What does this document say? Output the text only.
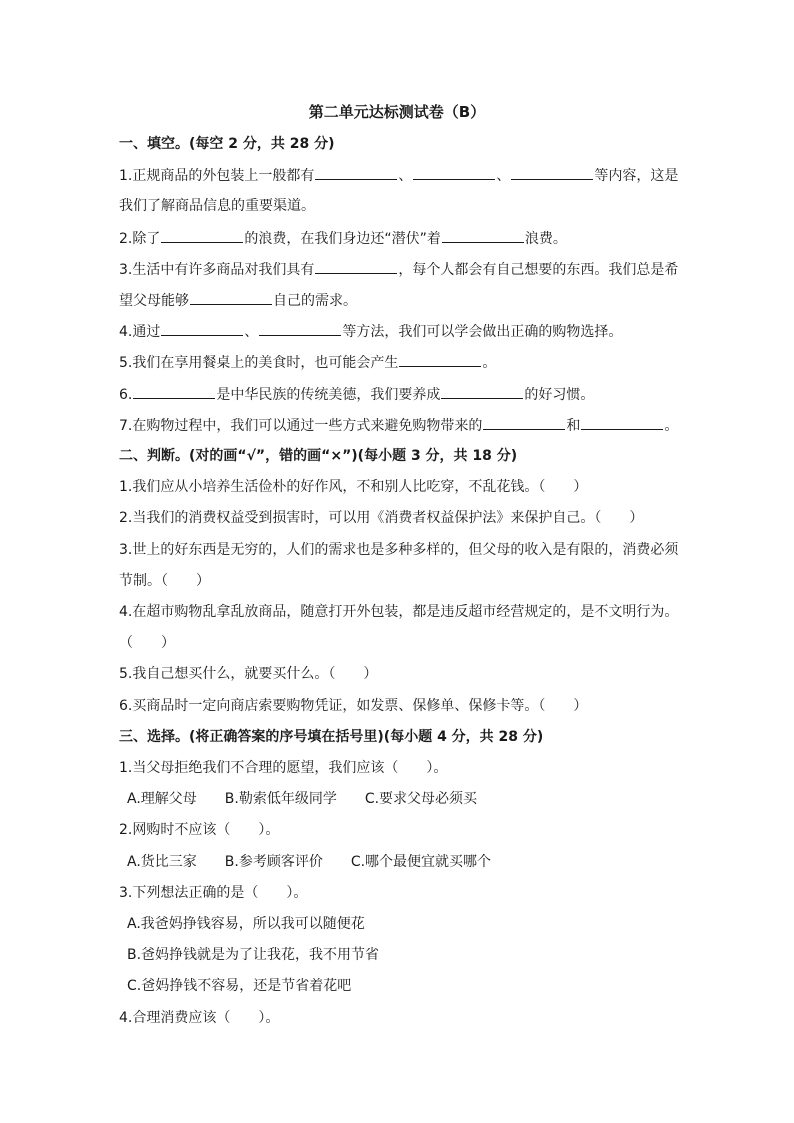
第二单元达标测试卷（B）
一、填空。(每空 2 分，共 28 分)
1.正规商品的外包装上一般都有	、	、	等内容，这是
我们了解商品信息的重要渠道。
2.除了	的浪费，在我们身边还“潜伏”着	浪费。
3.生活中有许多商品对我们具有	，每个人都会有自己想要的东西。我们总是希
望父母能够	自己的需求。
4.通过	、	等方法，我们可以学会做出正确的购物选择。
5.我们在享用餐桌上的美食时，也可能会产生	。
6.	是中华民族的传统美德，我们要养成	的好习惯。
7.在购物过程中，我们可以通过一些方式来避免购物带来的	和	。
二、判断。(对的画“√”，错的画“×”)(每小题 3 分，共 18 分)
1.我们应从小培养生活俭朴的好作风，不和别人比吃穿，不乱花钱。（　　）
2.当我们的消费权益受到损害时，可以用《消费者权益保护法》来保护自己。（　　）
3.世上的好东西是无穷的，人们的需求也是多种多样的，但父母的收入是有限的，消费必须
节制。（　　）
4.在超市购物乱拿乱放商品，随意打开外包装，都是违反超市经营规定的，是不文明行为。
（　　）
5.我自己想买什么，就要买什么。（　　）
6.买商品时一定向商店索要购物凭证，如发票、保修单、保修卡等。（　　）
三、选择。(将正确答案的序号填在括号里)(每小题 4 分，共 28 分)
1.当父母拒绝我们不合理的愿望，我们应该（　　）。
A.理解父母　　B.勒索低年级同学　　C.要求父母必须买
2.网购时不应该（　　）。
A.货比三家　　B.参考顾客评价　　C.哪个最便宜就买哪个
3.下列想法正确的是（　　）。
A.我爸妈挣钱容易，所以我可以随便花
B.爸妈挣钱就是为了让我花，我不用节省
C.爸妈挣钱不容易，还是节省着花吧
4.合理消费应该（　　）。
